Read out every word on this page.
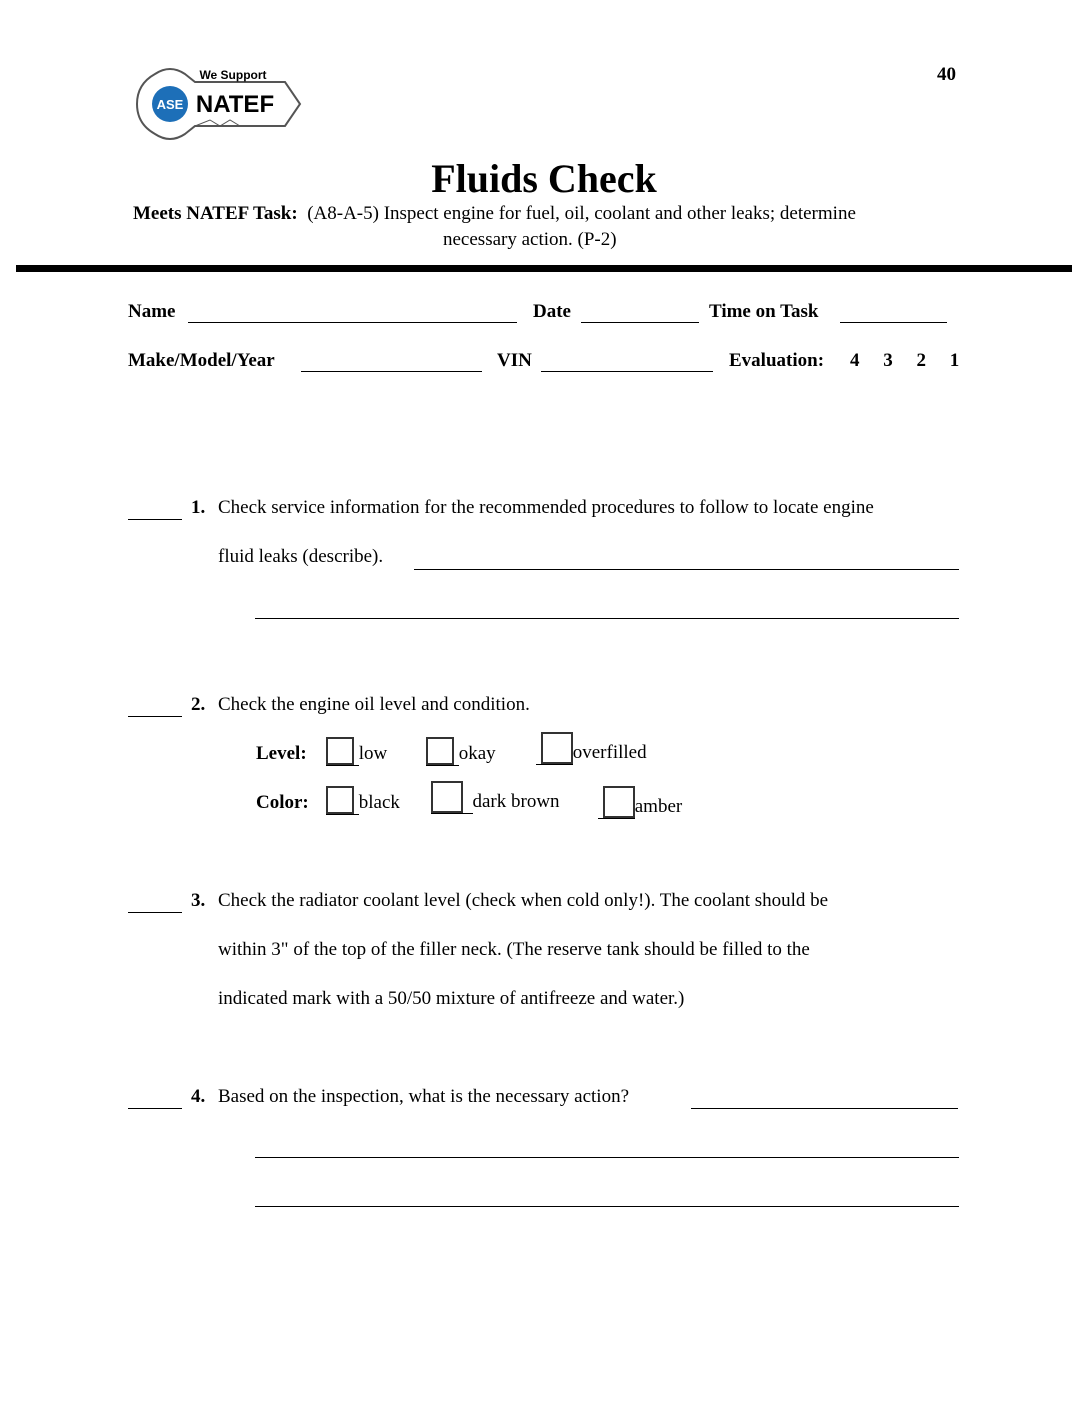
40
ASE
We Support
NATEF
Fluids Check
Meets NATEF Task: (A8-A-5) Inspect engine for fuel, oil, coolant and other leaks; determine
necessary action. (P-2)
Name	Date	Time on Task
Make/Model/Year	VIN	Evaluation: 4 3 2 1
1. Check service information for the recommended procedures to follow to locate engine
fluid leaks (describe).
2. Check the engine oil level and condition.
Level:	low	okay	overfilled
Color:	black	dark brown	amber
3. Check the radiator coolant level (check when cold only!). The coolant should be
within 3" of the top of the filler neck. (The reserve tank should be filled to the
indicated mark with a 50/50 mixture of antifreeze and water.)
4. Based on the inspection, what is the necessary action?
